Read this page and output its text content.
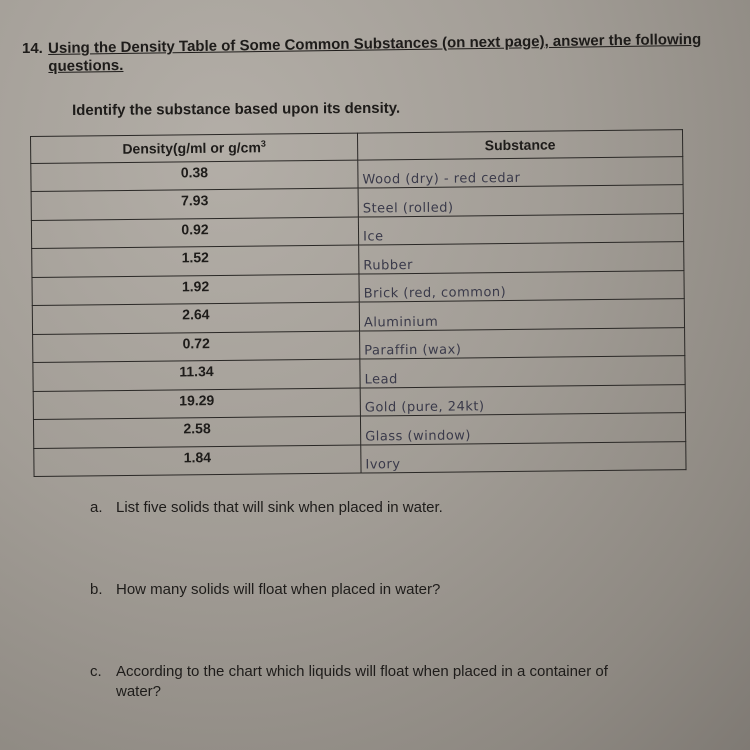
14. Using the Density Table of Some Common Substances (on next page), answer the following questions.
Identify the substance based upon its density.
Density(g/ml or $g/cm^3$	Substance
0.38	Wood (dry) - red cedar
7.93	Steel (rolled)
0.92	Ice
1.52	Rubber
1.92	Brick (red, common)
2.64	Aluminium
0.72	Paraffin (wax)
11.34	Lead
19.29	Gold (pure, 24kt)
2.58	Glass (window)
1.84	Ivory
a. List five solids that will sink when placed in water.
b. How many solids will float when placed in water?
c. According to the chart which liquids will float when placed in a container of
water?
